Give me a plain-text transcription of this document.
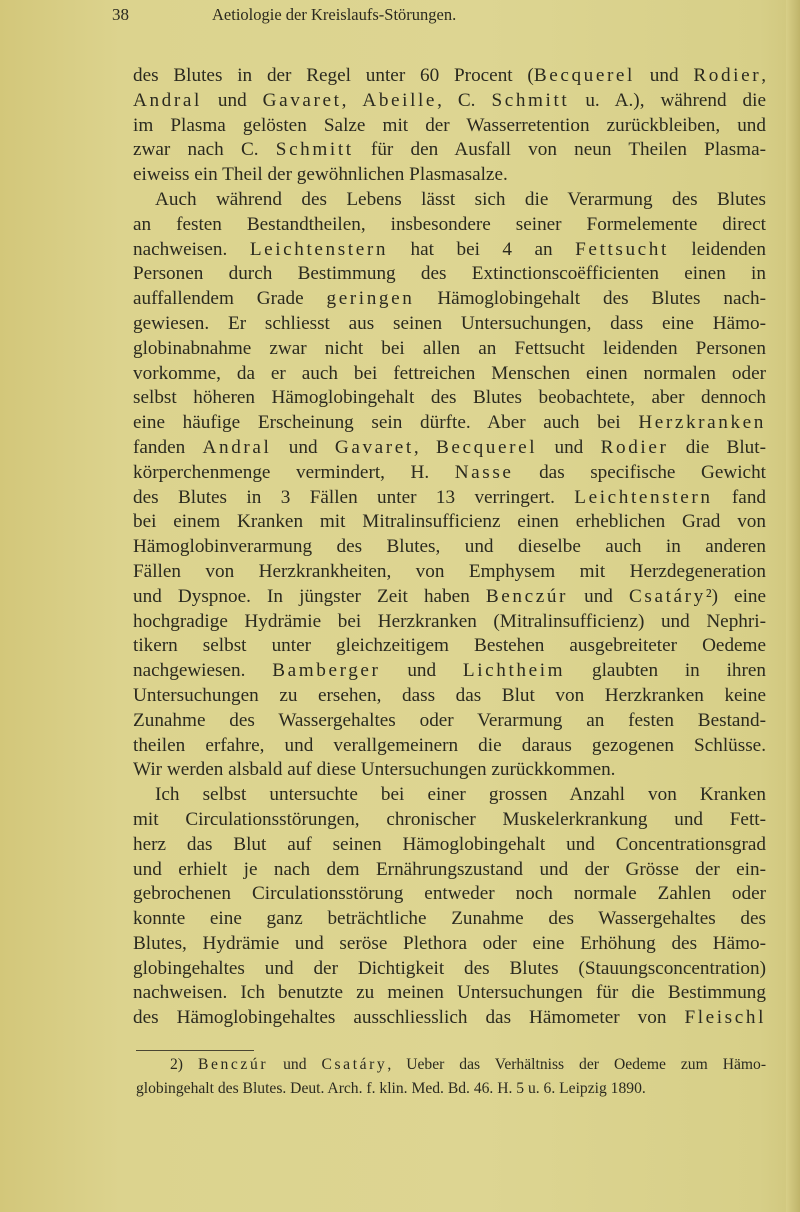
38	Aetiologie der Kreislaufs-Störungen.
des Blutes in der Regel unter 60 Procent (Becquerel und Rodier,
Andral und Gavaret, Abeille, C. Schmitt u. A.), während die
im Plasma gelösten Salze mit der Wasserretention zurückbleiben, und
zwar nach C. Schmitt für den Ausfall von neun Theilen Plasma-
eiweiss ein Theil der gewöhnlichen Plasmasalze.
Auch während des Lebens lässt sich die Verarmung des Blutes
an festen Bestandtheilen, insbesondere seiner Formelemente direct
nachweisen. Leichtenstern hat bei 4 an Fettsucht leidenden
Personen durch Bestimmung des Extinctionscoëfficienten einen in
auffallendem Grade geringen Hämoglobingehalt des Blutes nach-
gewiesen. Er schliesst aus seinen Untersuchungen, dass eine Hämo-
globinabnahme zwar nicht bei allen an Fettsucht leidenden Personen
vorkomme, da er auch bei fettreichen Menschen einen normalen oder
selbst höheren Hämoglobingehalt des Blutes beobachtete, aber dennoch
eine häufige Erscheinung sein dürfte. Aber auch bei Herzkranken
fanden Andral und Gavaret, Becquerel und Rodier die Blut-
körperchenmenge vermindert, H. Nasse das specifische Gewicht
des Blutes in 3 Fällen unter 13 verringert. Leichtenstern fand
bei einem Kranken mit Mitralinsufficienz einen erheblichen Grad von
Hämoglobinverarmung des Blutes, und dieselbe auch in anderen
Fällen von Herzkrankheiten, von Emphysem mit Herzdegeneration
und Dyspnoe. In jüngster Zeit haben Benczúr und Csatáry²) eine
hochgradige Hydrämie bei Herzkranken (Mitralinsufficienz) und Nephri-
tikern selbst unter gleichzeitigem Bestehen ausgebreiteter Oedeme
nachgewiesen. Bamberger und Lichtheim glaubten in ihren
Untersuchungen zu ersehen, dass das Blut von Herzkranken keine
Zunahme des Wassergehaltes oder Verarmung an festen Bestand-
theilen erfahre, und verallgemeinern die daraus gezogenen Schlüsse.
Wir werden alsbald auf diese Untersuchungen zurückkommen.
Ich selbst untersuchte bei einer grossen Anzahl von Kranken
mit Circulationsstörungen, chronischer Muskelerkrankung und Fett-
herz das Blut auf seinen Hämoglobingehalt und Concentrationsgrad
und erhielt je nach dem Ernährungszustand und der Grösse der ein-
gebrochenen Circulationsstörung entweder noch normale Zahlen oder
konnte eine ganz beträchtliche Zunahme des Wassergehaltes des
Blutes, Hydrämie und seröse Plethora oder eine Erhöhung des Hämo-
globingehaltes und der Dichtigkeit des Blutes (Stauungsconcentration)
nachweisen. Ich benutzte zu meinen Untersuchungen für die Bestimmung
des Hämoglobingehaltes ausschliesslich das Hämometer von Fleischl
2) Benczúr und Csatáry, Ueber das Verhältniss der Oedeme zum Hämo-
globingehalt des Blutes. Deut. Arch. f. klin. Med. Bd. 46. H. 5 u. 6. Leipzig 1890.
